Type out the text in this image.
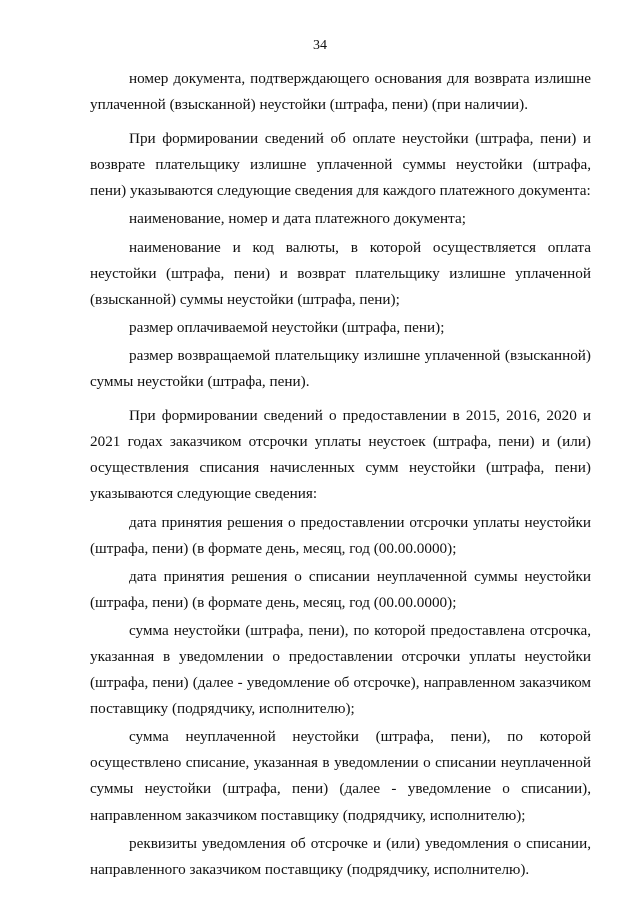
34

номер документа, подтверждающего основания для возврата излишне уплаченной (взысканной) неустойки (штрафа, пени) (при наличии).

При формировании сведений об оплате неустойки (штрафа, пени) и возврате плательщику излишне уплаченной суммы неустойки (штрафа, пени) указываются следующие сведения для каждого платежного документа:

наименование, номер и дата платежного документа;

наименование и код валюты, в которой осуществляется оплата неустойки (штрафа, пени) и возврат плательщику излишне уплаченной (взысканной) суммы неустойки (штрафа, пени);

размер оплачиваемой неустойки (штрафа, пени);

размер возвращаемой плательщику излишне уплаченной (взысканной) суммы неустойки (штрафа, пени).

При формировании сведений о предоставлении в 2015, 2016, 2020 и 2021 годах заказчиком отсрочки уплаты неустоек (штрафа, пени) и (или) осуществления списания начисленных сумм неустойки (штрафа, пени) указываются следующие сведения:

дата принятия решения о предоставлении отсрочки уплаты неустойки (штрафа, пени) (в формате день, месяц, год (00.00.0000);

дата принятия решения о списании неуплаченной суммы неустойки (штрафа, пени) (в формате день, месяц, год (00.00.0000);

сумма неустойки (штрафа, пени), по которой предоставлена отсрочка, указанная в уведомлении о предоставлении отсрочки уплаты неустойки (штрафа, пени) (далее - уведомление об отсрочке), направленном заказчиком поставщику (подрядчику, исполнителю);

сумма неуплаченной неустойки (штрафа, пени), по которой осуществлено списание, указанная в уведомлении о списании неуплаченной суммы неустойки (штрафа, пени) (далее - уведомление о списании), направленном заказчиком поставщику (подрядчику, исполнителю);

реквизиты уведомления об отсрочке и (или) уведомления о списании, направленного заказчиком поставщику (подрядчику, исполнителю).
